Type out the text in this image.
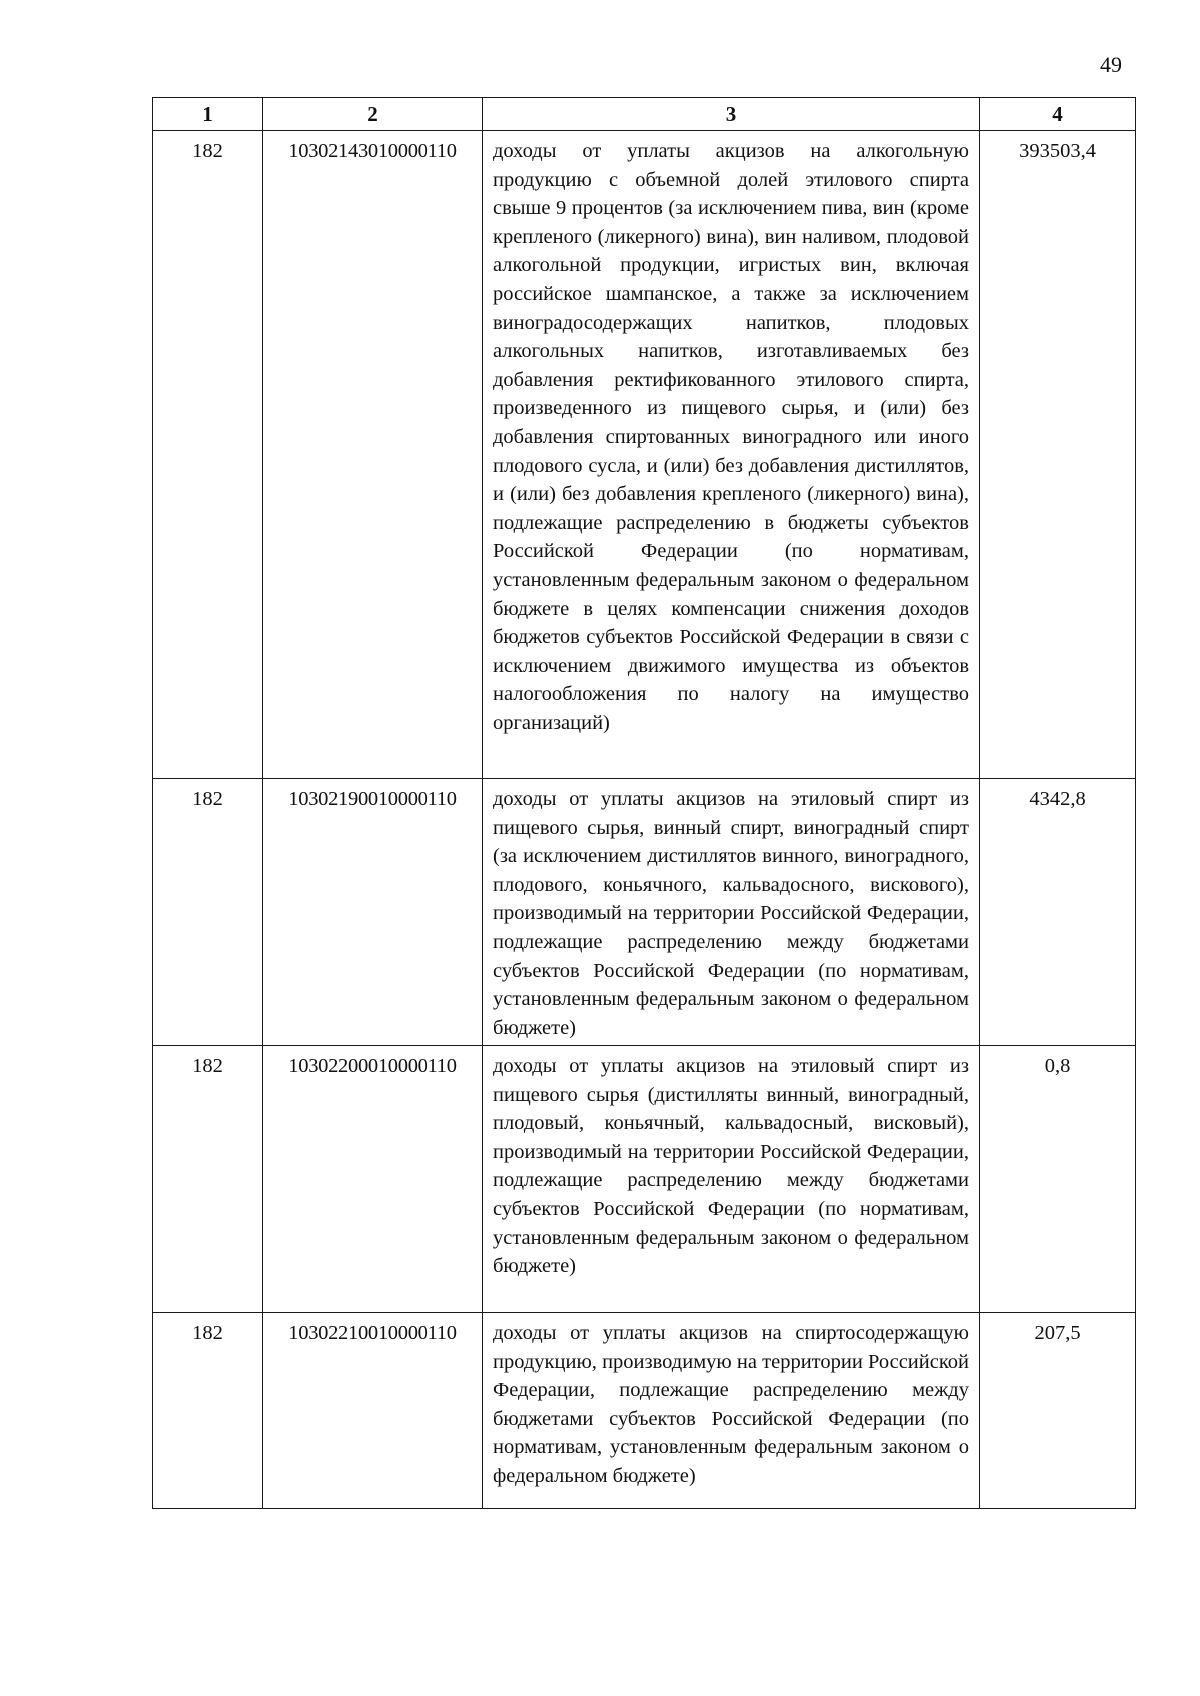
49
1	2	3	4
182	10302143010000110	доходы от уплаты акцизов на алкогольную продукцию с объемной долей этилового спирта свыше 9 процентов (за исключением пива, вин (кроме крепленого (ликерного) вина), вин наливом, плодовой алкогольной продукции, игристых вин, включая российское шампанское, а также за исключением виноградосодержащих напитков, плодовых алкогольных напитков, изготавливаемых без добавления ректификованного этилового спирта, произведенного из пищевого сырья, и (или) без добавления спиртованных виноградного или иного плодового сусла, и (или) без добавления дистиллятов, и (или) без добавления крепленого (ликерного) вина), подлежащие распределению в бюджеты субъектов Российской Федерации (по нормативам, установленным федеральным законом о федеральном бюджете в целях компенсации снижения доходов бюджетов субъектов Российской Федерации в связи с исключением движимого имущества из объектов налогообложения по налогу на имущество организаций)	393503,4
182	10302190010000110	доходы от уплаты акцизов на этиловый спирт из пищевого сырья, винный спирт, виноградный спирт (за исключением дистиллятов винного, виноградного, плодового, коньячного, кальвадосного, вискового), производимый на территории Российской Федерации, подлежащие распределению между бюджетами субъектов Российской Федерации (по нормативам, установленным федеральным законом о федеральном бюджете)	4342,8
182	10302200010000110	доходы от уплаты акцизов на этиловый спирт из пищевого сырья (дистилляты винный, виноградный, плодовый, коньячный, кальвадосный, висковый), производимый на территории Российской Федерации, подлежащие распределению между бюджетами субъектов Российской Федерации (по нормативам, установленным федеральным законом о федеральном бюджете)	0,8
182	10302210010000110	доходы от уплаты акцизов на спиртосодержащую продукцию, производимую на территории Российской Федерации, подлежащие распределению между бюджетами субъектов Российской Федерации (по нормативам, установленным федеральным законом о федеральном бюджете)	207,5
